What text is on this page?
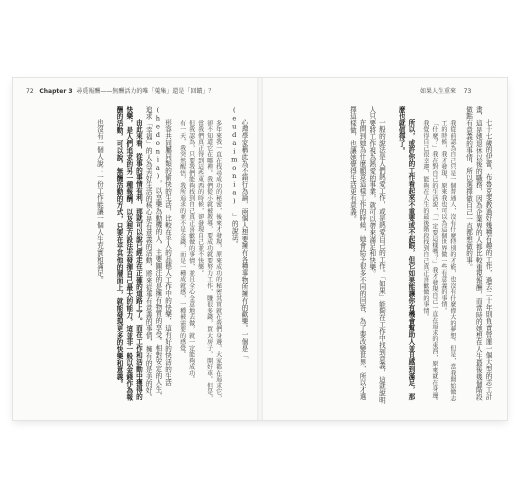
72 Chapter 3 尋覓報酬——無酬活力的唯「蒐集」還是「回饋」？	如果人生重來 73

七十七歲的伊蕾，布魯克斐教過好幾種有趣的工作，過去二十年則負責營運一個大型的志工計畫，這是她退休以後的職務，因為企業界的人都比較重視報酬，而當時的她想在人生最後幾個階段做點有意義的事情，所以選擇做自己一直都想做的事。

我從前認為自己只是一個普通人，沒有什麼特別的才能，也沒有什麼偉大的夢想。但是，當我開始做志工的時候，我才發現，原來我也可以為這個世界做一些有意義的事情。

「什麼？」我在對自己的生活說，「一定要這樣嗎？」我才發現自己一直在追求的東西，原來就在身邊。我覺得自己很幸運，能夠在人生的最後階段找到自己真正喜歡做的事情。

所以，或許你的工作看起來不重要或不起眼，但它如果能讓你有機會幫助人並且感到滿足，那麼也就值得了。

一般的說法是人們熱愛工作，或是熱愛自己的工作。「如果」能夠在工作中找到意義，這就說明人只要將工作視為熱愛的事業，就可以帶來滿足和快樂。

在問到她為什麼願意這樣工作的時候，她會給予很多不同的回答，為了要改變世界，所以才選擇這樣做，也讓她覺得生活更有意義。

心理學家稱此為不錯行為論，兩個人想要擁有各種事物所擁有的歡樂。一個是「 (eudaimonia) 」的說法。

多年來我一直在找尋成功的秘密，後來才發現，原來成功的秘密其實就在我們身邊，大家都在追求它，卻不知道它在哪裡。我們從小就被教導，要成功就要努力工作，賺很多錢，買大房子，開好車。但是，當我們真正得到這些東西的時候，卻發現自己並不快樂。

但我認為，只要我們能夠找到自己真正喜歡做的事情，並且全心全意地去做，就一定能夠成功。

有一天，我突然醒悟，我所追求的並不是金錢，而是一種成就感，一種被需要的感覺。

形容共同屬同類的偷快的生活，比較在乎人的品德人工作中的快樂，這有好的快活的生活(hedonia)，以享樂為動機的人，主要關注的是擁有物質的享受。相對安定的人生，追求「幸福」的人為美好生活的核心是有意義的活動，將來從事有意義的事情，擁有的是美的好。

由此來看，從事的事情有利，那就可以說已經走在正確的道路上了。而在工作和活動中獲得的快樂，是人們追求的另一種報酬，以及想方設法去發揮自己最大的能力，這並非一般以金錢作為報酬的活動，可以說，無酬活動的方式，只要在乎其他的層面上，就能發現更多的快樂和意義。

也沒有一個人說：一份工作能讓一個人生充實和滿足。
